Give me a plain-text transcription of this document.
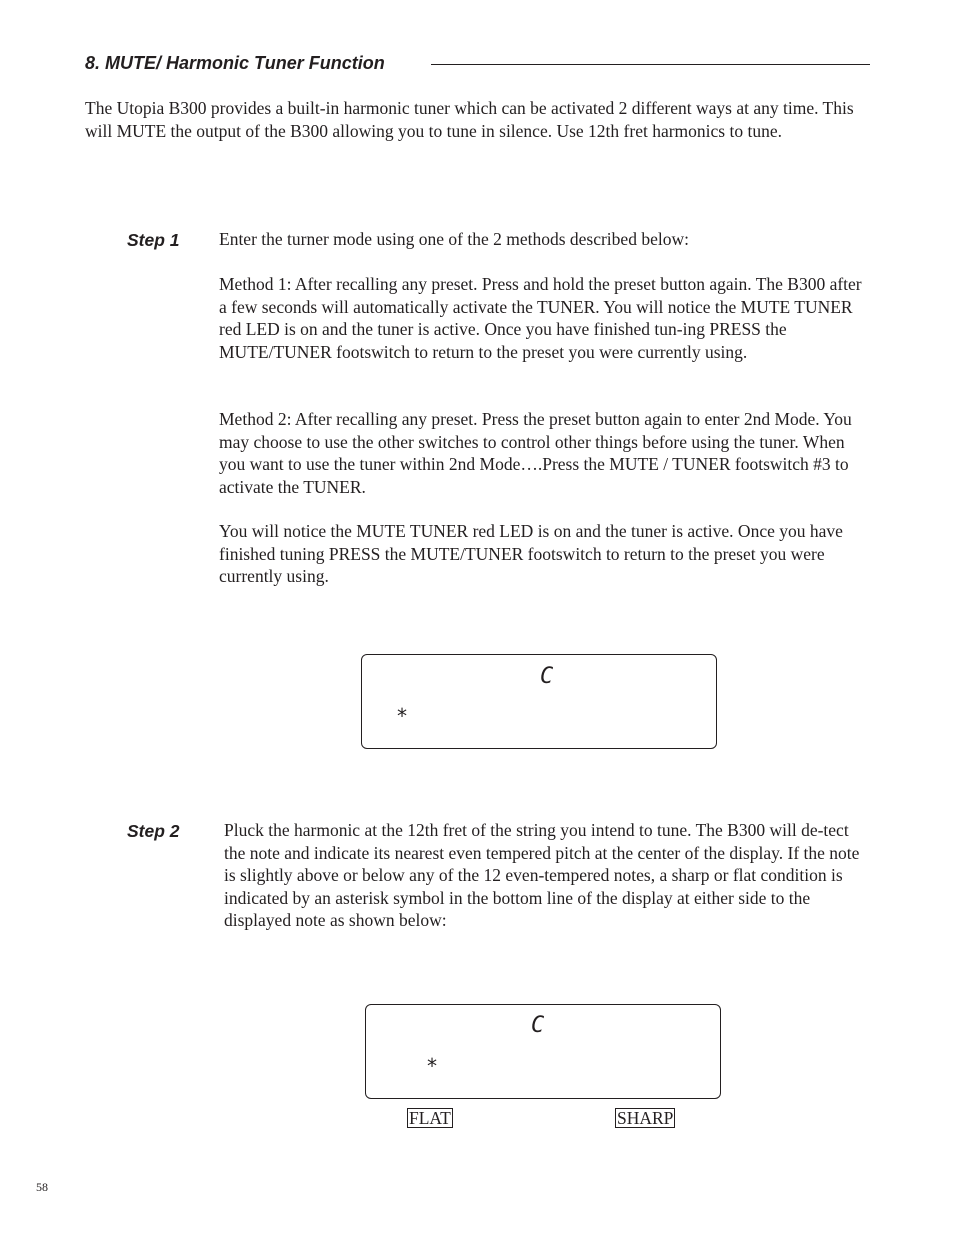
8. MUTE/ Harmonic Tuner Function

The Utopia B300 provides a built-in harmonic tuner which can be activated 2 different ways at any time. This will MUTE the output of the B300 allowing you to tune in silence. Use 12th fret harmonics to tune.

Step 1 Enter the turner mode using one of the 2 methods described below:

Method 1: After recalling any preset. Press and hold the preset button again. The B300 after a few seconds will automatically activate the TUNER. You will notice the MUTE TUNER red LED is on and the tuner is active. Once you have finished tun-ing PRESS the MUTE/TUNER footswitch to return to the preset you were currently using.

Method 2: After recalling any preset. Press the preset button again to enter 2nd Mode. You may choose to use the other switches to control other things before using the tuner. When you want to use the tuner within 2nd Mode….Press the MUTE / TUNER footswitch #3 to activate the TUNER.

You will notice the MUTE TUNER red LED is on and the tuner is active. Once you have finished tuning PRESS the MUTE/TUNER footswitch to return to the preset you were currently using.

C
*
Step 2	Pluck the harmonic at the 12th fret of the string you intend to tune. The B300 will de-tect the note and indicate its nearest even tempered pitch at the center of the display. If the note is slightly above or below any of the 12 even-tempered notes, a sharp or flat condition is indicated by an asterisk symbol in the bottom line of the display at either side to the displayed note as shown below:

C
*
FLAT	SHARP
58
